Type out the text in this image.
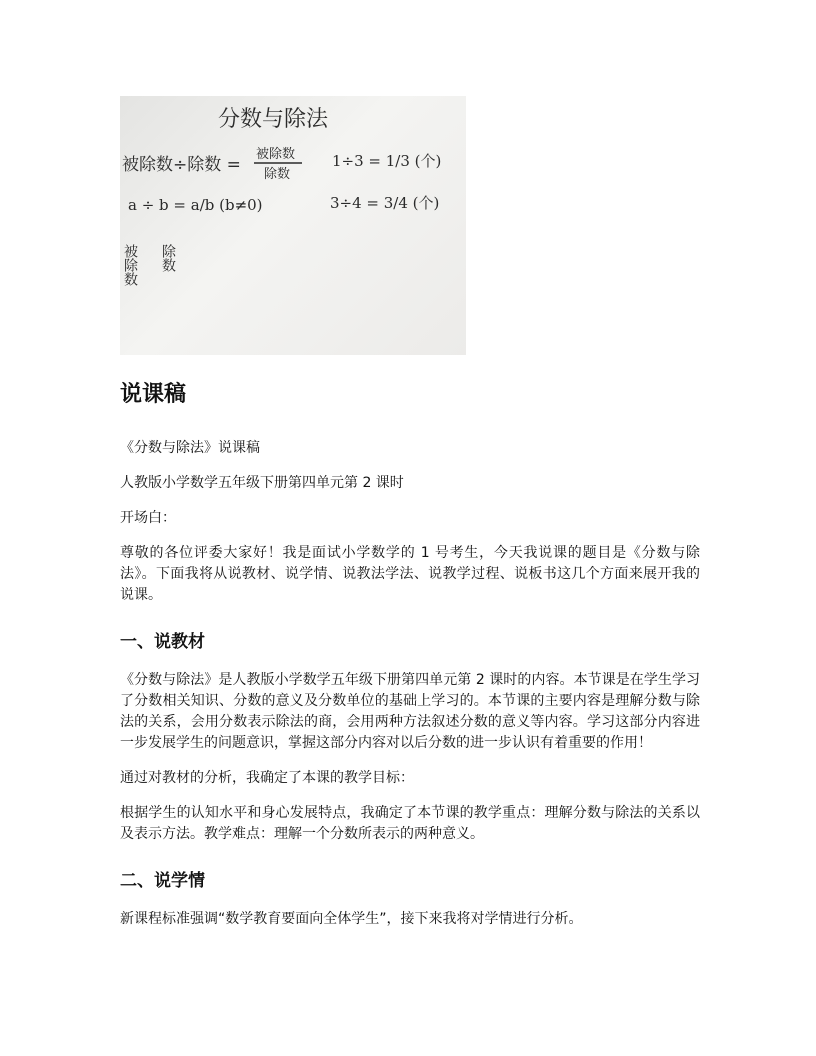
分数与除法
被除数÷除数 =
被除数
除数
1÷3 = 1/3 (个)
a ÷ b = a/b (b≠0)	3÷4 = 3/4 (个)
被除数 除数
说课稿

《分数与除法》说课稿

人教版小学数学五年级下册第四单元第 2 课时

开场白：

尊敬的各位评委大家好！我是面试小学数学的 1 号考生，今天我说课的题目是《分数与除法》。下面我将从说教材、说学情、说教法学法、说教学过程、说板书这几个方面来展开我的说课。

一、说教材

《分数与除法》是人教版小学数学五年级下册第四单元第 2 课时的内容。本节课是在学生学习了分数相关知识、分数的意义及分数单位的基础上学习的。本节课的主要内容是理解分数与除法的关系，会用分数表示除法的商，会用两种方法叙述分数的意义等内容。学习这部分内容进一步发展学生的问题意识，掌握这部分内容对以后分数的进一步认识有着重要的作用！

通过对教材的分析，我确定了本课的教学目标：

根据学生的认知水平和身心发展特点，我确定了本节课的教学重点：理解分数与除法的关系以及表示方法。教学难点：理解一个分数所表示的两种意义。

二、说学情

新课程标准强调“数学教育要面向全体学生”，接下来我将对学情进行分析。
